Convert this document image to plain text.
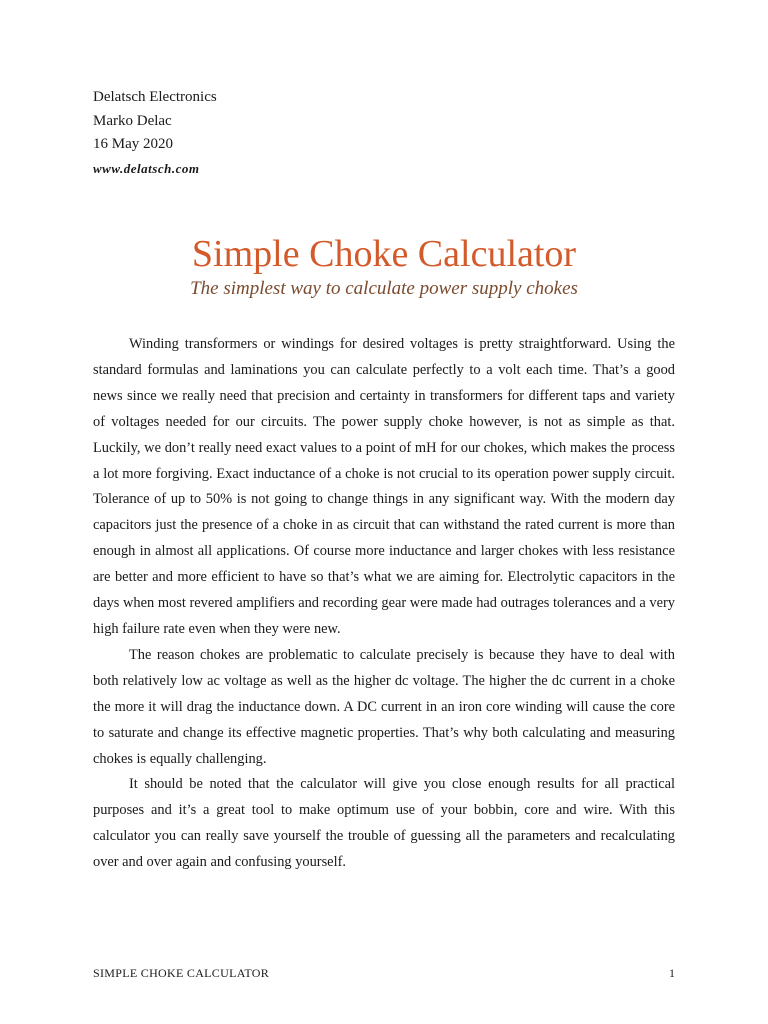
Delatsch Electronics
Marko Delac
16 May 2020
www.delatsch.com
Simple Choke Calculator
The simplest way to calculate power supply chokes

Winding transformers or windings for desired voltages is pretty straightforward. Using the standard formulas and laminations you can calculate perfectly to a volt each time. That’s a good news since we really need that precision and certainty in transformers for different taps and variety of voltages needed for our circuits. The power supply choke however, is not as simple as that. Luckily, we don’t really need exact values to a point of mH for our chokes, which makes the process a lot more forgiving. Exact inductance of a choke is not crucial to its operation power supply circuit. Tolerance of up to 50% is not going to change things in any significant way. With the modern day capacitors just the presence of a choke in as circuit that can withstand the rated current is more than enough in almost all applications. Of course more inductance and larger chokes with less resistance are better and more efficient to have so that’s what we are aiming for. Electrolytic capacitors in the days when most revered amplifiers and recording gear were made had outrages tolerances and a very high failure rate even when they were new.

The reason chokes are problematic to calculate precisely is because they have to deal with both relatively low ac voltage as well as the higher dc voltage. The higher the dc current in a choke the more it will drag the inductance down. A DC current in an iron core winding will cause the core to saturate and change its effective magnetic properties. That’s why both calculating and measuring chokes is equally challenging.

It should be noted that the calculator will give you close enough results for all practical purposes and it’s a great tool to make optimum use of your bobbin, core and wire. With this calculator you can really save yourself the trouble of guessing all the parameters and recalculating over and over again and confusing yourself.

SIMPLE CHOKE CALCULATOR	1
